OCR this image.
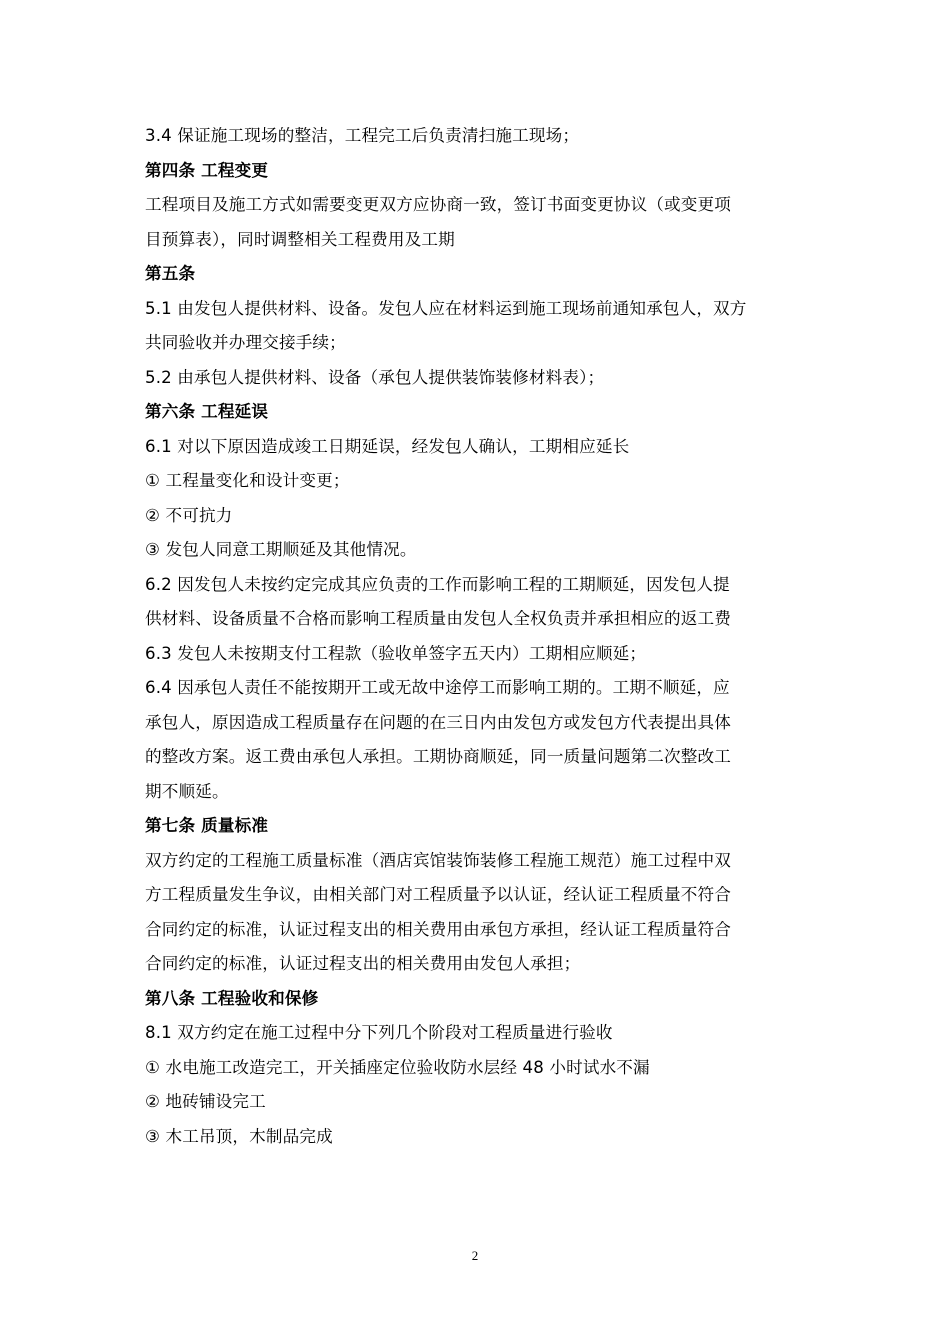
3.4 保证施工现场的整洁，工程完工后负责清扫施工现场；
第四条 工程变更
工程项目及施工方式如需要变更双方应协商一致，签订书面变更协议（或变更项
目预算表），同时调整相关工程费用及工期
第五条
5.1 由发包人提供材料、设备。发包人应在材料运到施工现场前通知承包人，双方
共同验收并办理交接手续；
5.2 由承包人提供材料、设备（承包人提供装饰装修材料表）；
第六条 工程延误
6.1 对以下原因造成竣工日期延误，经发包人确认，工期相应延长
① 工程量变化和设计变更；
② 不可抗力
③ 发包人同意工期顺延及其他情况。
6.2 因发包人未按约定完成其应负责的工作而影响工程的工期顺延，因发包人提
供材料、设备质量不合格而影响工程质量由发包人全权负责并承担相应的返工费
6.3 发包人未按期支付工程款（验收单签字五天内）工期相应顺延；
6.4 因承包人责任不能按期开工或无故中途停工而影响工期的。工期不顺延，应
承包人，原因造成工程质量存在问题的在三日内由发包方或发包方代表提出具体
的整改方案。返工费由承包人承担。工期协商顺延，同一质量问题第二次整改工
期不顺延。
第七条 质量标准
双方约定的工程施工质量标准（酒店宾馆装饰装修工程施工规范）施工过程中双
方工程质量发生争议，由相关部门对工程质量予以认证，经认证工程质量不符合
合同约定的标准，认证过程支出的相关费用由承包方承担，经认证工程质量符合
合同约定的标准，认证过程支出的相关费用由发包人承担；
第八条 工程验收和保修
8.1 双方约定在施工过程中分下列几个阶段对工程质量进行验收
① 水电施工改造完工，开关插座定位验收防水层经 48 小时试水不漏
② 地砖铺设完工
③ 木工吊顶，木制品完成
2
